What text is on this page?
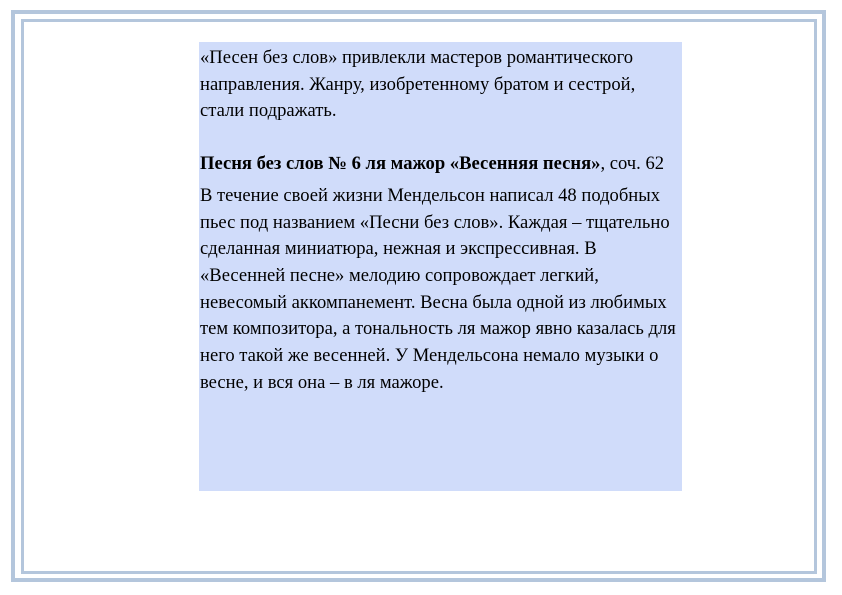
«Песен без слов» привлекли мастеров романтического направления. Жанру, изобретенному братом и сестрой, стали подражать.

Песня без слов № 6 ля мажор «Весенняя песня», соч. 62

В течение своей жизни Мендельсон написал 48 подобных пьес под названием «Песни без слов». Каждая – тщательно сделанная миниатюра, нежная и экспрессивная. В «Весенней песне» мелодию сопровождает легкий, невесомый аккомпанемент. Весна была одной из любимых тем композитора, а тональность ля мажор явно казалась для него такой же весенней. У Мендельсона немало музыки о весне, и вся она – в ля мажоре.
